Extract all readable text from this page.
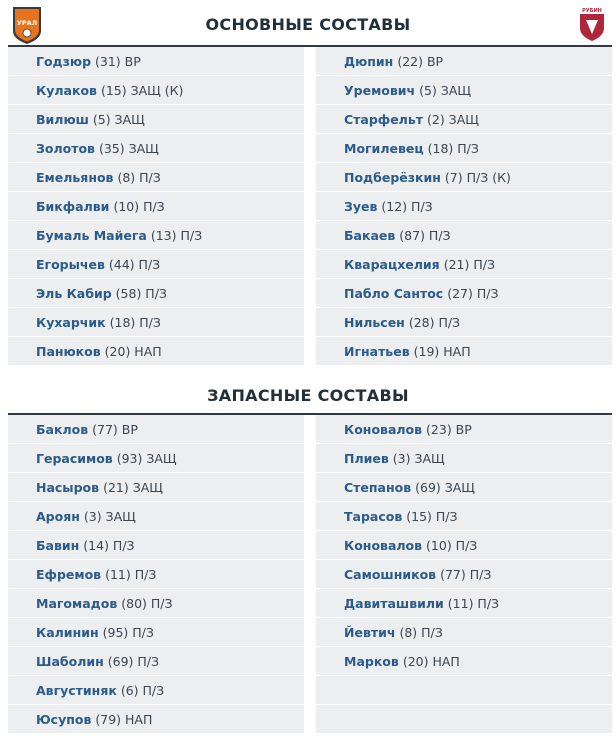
УРАЛ
РУБИН
ОСНОВНЫЕ СОСТАВЫ
Годзюр (31) ВР
Кулаков (15) ЗАЩ (К)
Вилюш (5) ЗАЩ
Золотов (35) ЗАЩ
Емельянов (8) П/З
Бикфалви (10) П/З
Бумаль Майега (13) П/З
Егорычев (44) П/З
Эль Кабир (58) П/З
Кухарчик (18) П/З
Панюков (20) НАП
Дюпин (22) ВР
Уремович (5) ЗАЩ
Старфельт (2) ЗАЩ
Могилевец (18) П/З
Подберёзкин (7) П/З (К)
Зуев (12) П/З
Бакаев (87) П/З
Кварацхелия (21) П/З
Пабло Сантос (27) П/З
Нильсен (28) П/З
Игнатьев (19) НАП
ЗАПАСНЫЕ СОСТАВЫ
Баклов (77) ВР
Герасимов (93) ЗАЩ
Насыров (21) ЗАЩ
Ароян (3) ЗАЩ
Бавин (14) П/З
Ефремов (11) П/З
Магомадов (80) П/З
Калинин (95) П/З
Шаболин (69) П/З
Августиняк (6) П/З
Юсупов (79) НАП
Коновалов (23) ВР
Плиев (3) ЗАЩ
Степанов (69) ЗАЩ
Тарасов (15) П/З
Коновалов (10) П/З
Самошников (77) П/З
Давиташвили (11) П/З
Йевтич (8) П/З
Марков (20) НАП
